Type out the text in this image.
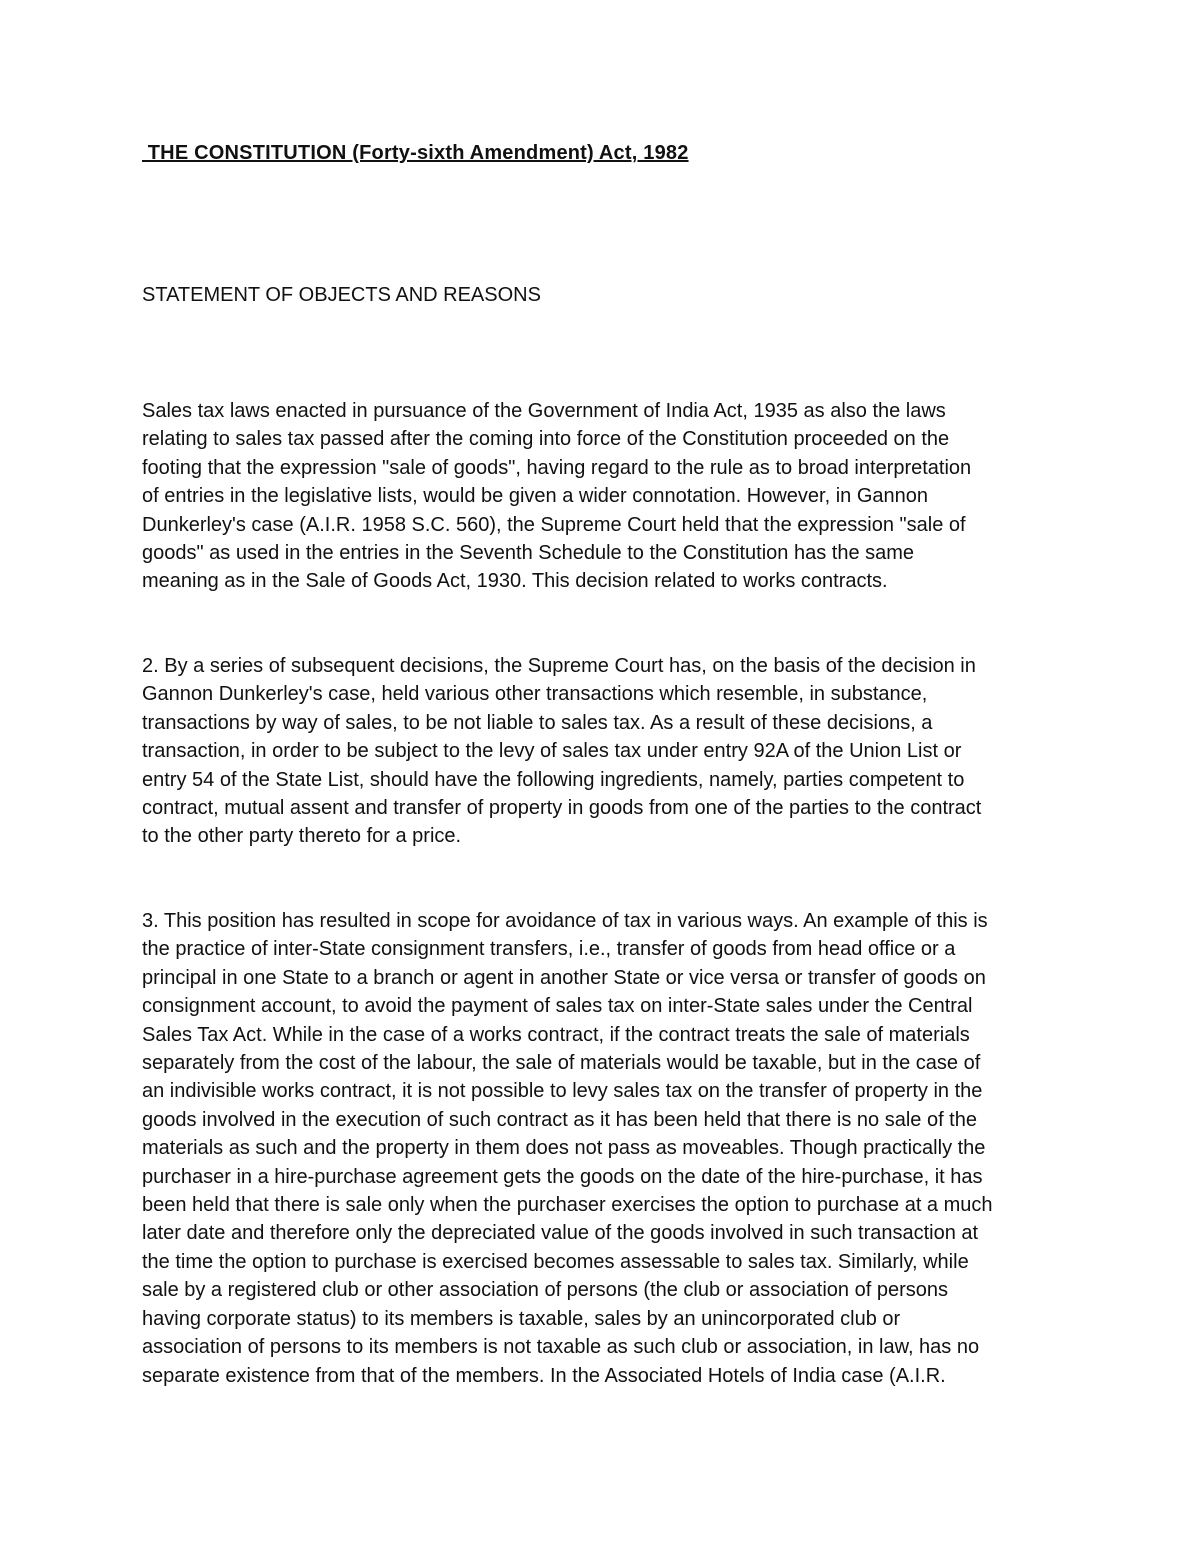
THE CONSTITUTION (Forty-sixth Amendment) Act, 1982
STATEMENT OF OBJECTS AND REASONS

Sales tax laws enacted in pursuance of the Government of India Act, 1935 as also the laws
relating to sales tax passed after the coming into force of the Constitution proceeded on the
footing that the expression "sale of goods", having regard to the rule as to broad interpretation
of entries in the legislative lists, would be given a wider connotation. However, in Gannon
Dunkerley's case (A.I.R. 1958 S.C. 560), the Supreme Court held that the expression "sale of
goods" as used in the entries in the Seventh Schedule to the Constitution has the same
meaning as in the Sale of Goods Act, 1930. This decision related to works contracts.

2. By a series of subsequent decisions, the Supreme Court has, on the basis of the decision in
Gannon Dunkerley's case, held various other transactions which resemble, in substance,
transactions by way of sales, to be not liable to sales tax. As a result of these decisions, a
transaction, in order to be subject to the levy of sales tax under entry 92A of the Union List or
entry 54 of the State List, should have the following ingredients, namely, parties competent to
contract, mutual assent and transfer of property in goods from one of the parties to the contract
to the other party thereto for a price.

3. This position has resulted in scope for avoidance of tax in various ways. An example of this is
the practice of inter-State consignment transfers, i.e., transfer of goods from head office or a
principal in one State to a branch or agent in another State or vice versa or transfer of goods on
consignment account, to avoid the payment of sales tax on inter-State sales under the Central
Sales Tax Act. While in the case of a works contract, if the contract treats the sale of materials
separately from the cost of the labour, the sale of materials would be taxable, but in the case of
an indivisible works contract, it is not possible to levy sales tax on the transfer of property in the
goods involved in the execution of such contract as it has been held that there is no sale of the
materials as such and the property in them does not pass as moveables. Though practically the
purchaser in a hire-purchase agreement gets the goods on the date of the hire-purchase, it has
been held that there is sale only when the purchaser exercises the option to purchase at a much
later date and therefore only the depreciated value of the goods involved in such transaction at
the time the option to purchase is exercised becomes assessable to sales tax. Similarly, while
sale by a registered club or other association of persons (the club or association of persons
having corporate status) to its members is taxable, sales by an unincorporated club or
association of persons to its members is not taxable as such club or association, in law, has no
separate existence from that of the members. In the Associated Hotels of India case (A.I.R.
